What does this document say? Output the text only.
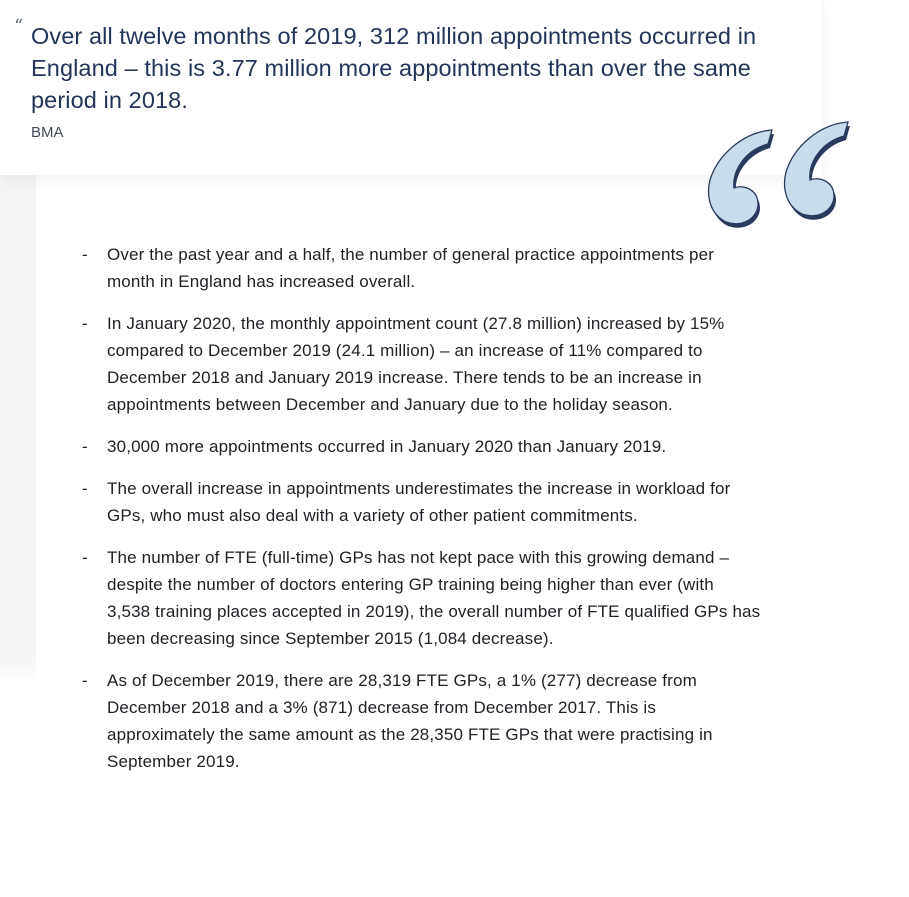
“ Over all twelve months of 2019, 312 million appointments occurred in England – this is 3.77 million more appointments than over the same period in 2018.
BMA
- Over the past year and a half, the number of general practice appointments per month in England has increased overall.
- In January 2020, the monthly appointment count (27.8 million) increased by 15% compared to December 2019 (24.1 million) – an increase of 11% compared to December 2018 and January 2019 increase. There tends to be an increase in appointments between December and January due to the holiday season.
- 30,000 more appointments occurred in January 2020 than January 2019.
- The overall increase in appointments underestimates the increase in workload for GPs, who must also deal with a variety of other patient commitments.
- The number of FTE (full-time) GPs has not kept pace with this growing demand – despite the number of doctors entering GP training being higher than ever (with 3,538 training places accepted in 2019), the overall number of FTE qualified GPs has been decreasing since September 2015 (1,084 decrease).
- As of December 2019, there are 28,319 FTE GPs, a 1% (277) decrease from December 2018 and a 3% (871) decrease from December 2017. This is approximately the same amount as the 28,350 FTE GPs that were practising in September 2019.
